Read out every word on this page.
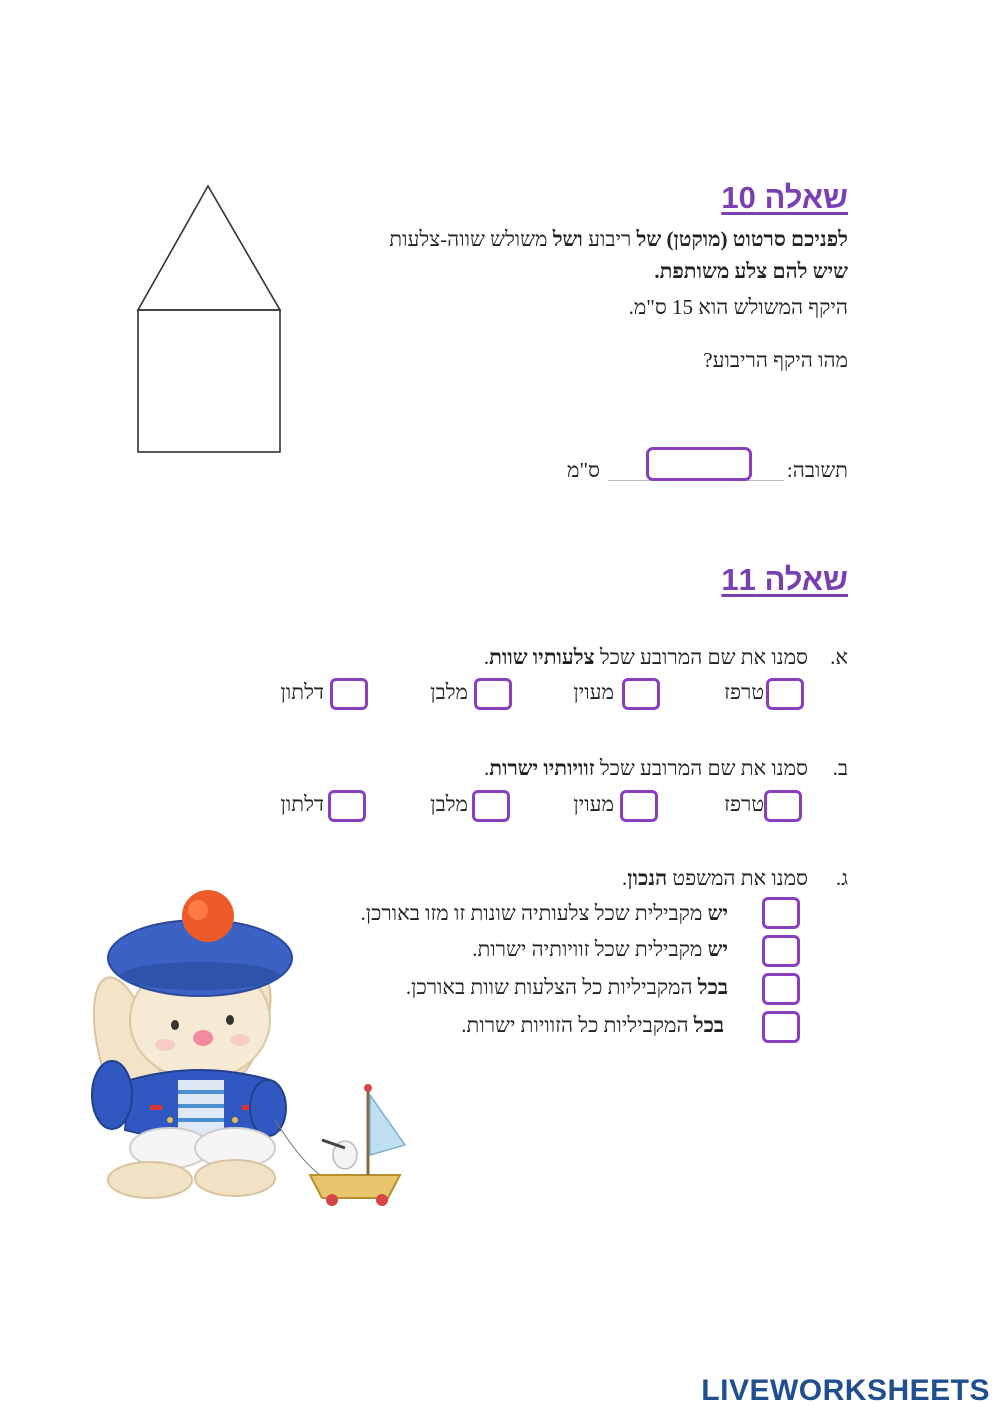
שאלה 10
לפניכם סרטוט (מוקטן) של ריבוע ושל משולש שווה-צלעות
שיש להם צלע משותפת.
היקף המשולש הוא 15 ס"מ.
מהו היקף הריבוע?
תשובה:
ס"מ
שאלה 11
א.
סמנו את שם המרובע שכל צלעותיו שוות.
טרפז
מעוין
מלבן
דלתון
ב.
סמנו את שם המרובע שכל זוויותיו ישרות.
טרפז
מעוין
מלבן
דלתון
ג.
סמנו את המשפט הנכון.
יש מקבילית שכל צלעותיה שונות זו מזו באורכן.
יש מקבילית שכל זוויותיה ישרות.
בכל המקביליות כל הצלעות שוות באורכן.
בכל המקביליות כל הזוויות ישרות.
LIVEWORKSHEETS
